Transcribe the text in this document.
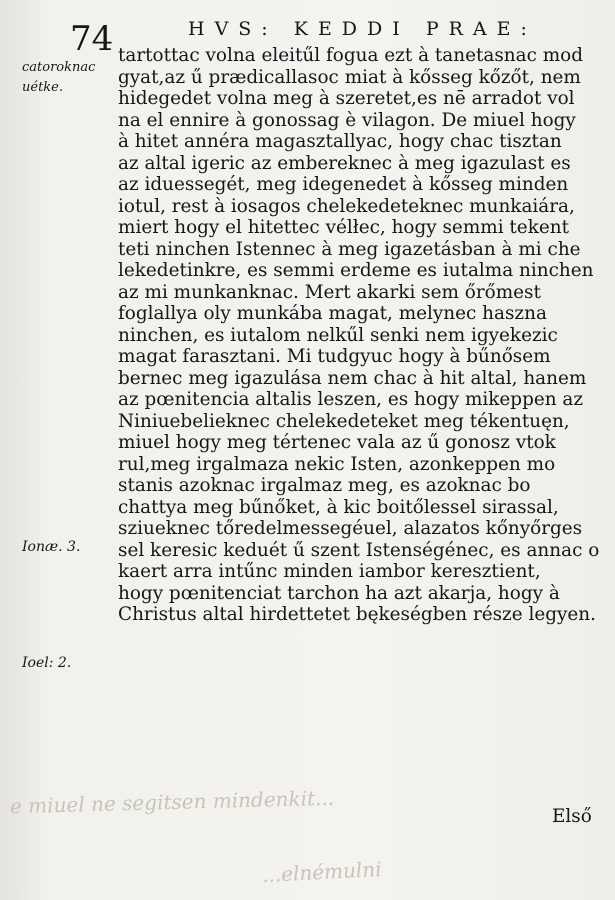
74	HVS: KEDDI PRAE:
catoroknac
uétke.
Ionæ. 3.
Ioel: 2.
tartottac volna eleitűl fogua ezt à tanetasnac mod
gyat,az ű prædicallasoc miat à kősseg kőzőt, nem
hidegedet volna meg à szeretet,es nē arradot vol
na el ennire à gonossag è vilagon. De miuel hogy
à hitet annéra magasztallyac, hogy chac tisztan
az altal igeric az embereknec à meg igazulast es
az iduessegét, meg idegenedet à kősseg minden
iotul, rest à iosagos chelekedeteknec munkaiára,
miert hogy el hitettec vélłec, hogy semmi tekent
teti ninchen Istennec à meg igazetásban à mi che
lekedetinkre, es semmi erdeme es iutalma ninchen
az mi munkanknac. Mert akarki sem őrőmest
foglallya oly munkába magat, melynec haszna
ninchen, es iutalom nelkűl senki nem igyekezic
magat farasztani. Mi tudgyuc hogy à bűnősem
bernec meg igazulása nem chac à hit altal, hanem
az pœnitencia altalis leszen, es hogy mikeppen az
Niniuebelieknec chelekedeteket meg tékentuęn,
miuel hogy meg tértenec vala az ű gonosz vtok
rul,meg irgalmaza nekic Isten, azonkeppen mo
stanis azoknac irgalmaz meg, es azoknac bo
chattya meg bűnőket, à kic boitőlessel sirassal,
sziueknec tőredelmessegéuel, alazatos kőnyőrges
sel keresic keduét ű szent Istenségénec, es annac o
kaert arra intűnc minden iambor keresztient,
hogy pœnitenciat tarchon ha azt akarja, hogy à
Christus altal hirdettetet bękeségben része legyen.
Első
e miuel ne segitsen mindenkit...
...elnémulni
